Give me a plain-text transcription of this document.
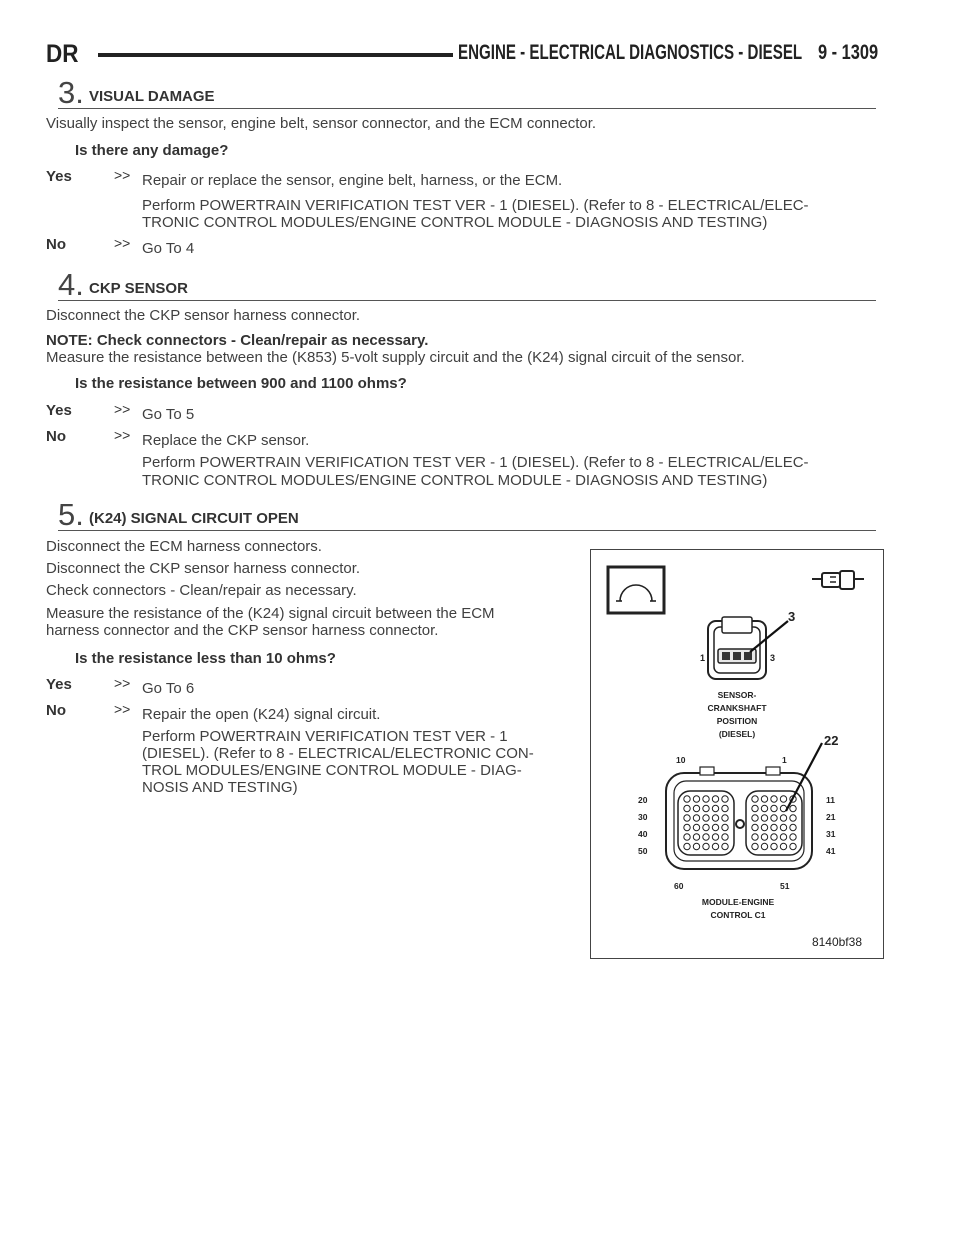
DR	ENGINE - ELECTRICAL DIAGNOSTICS - DIESEL 9 - 1309
3. VISUAL DAMAGE
Visually inspect the sensor, engine belt, sensor connector, and the ECM connector.
Is there any damage?
Yes	>> Repair or replace the sensor, engine belt, harness, or the ECM.
Perform POWERTRAIN VERIFICATION TEST VER - 1 (DIESEL). (Refer to 8 - ELECTRICAL/ELEC-
TRONIC CONTROL MODULES/ENGINE CONTROL MODULE - DIAGNOSIS AND TESTING)
No	>> Go To 4
4. CKP SENSOR
Disconnect the CKP sensor harness connector.
NOTE: Check connectors - Clean/repair as necessary.
Measure the resistance between the (K853) 5-volt supply circuit and the (K24) signal circuit of the sensor.
Is the resistance between 900 and 1100 ohms?
Yes	>> Go To 5
No	>> Replace the CKP sensor.
Perform POWERTRAIN VERIFICATION TEST VER - 1 (DIESEL). (Refer to 8 - ELECTRICAL/ELEC-
TRONIC CONTROL MODULES/ENGINE CONTROL MODULE - DIAGNOSIS AND TESTING)
5. (K24) SIGNAL CIRCUIT OPEN
Disconnect the ECM harness connectors.
Disconnect the CKP sensor harness connector.
Check connectors - Clean/repair as necessary.
Measure the resistance of the (K24) signal circuit between the ECM
harness connector and the CKP sensor harness connector.
Is the resistance less than 10 ohms?
Yes	>> Go To 6
No	>> Repair the open (K24) signal circuit.
Perform POWERTRAIN VERIFICATION TEST VER - 1
(DIESEL). (Refer to 8 - ELECTRICAL/ELECTRONIC CON-
TROL MODULES/ENGINE CONTROL MODULE - DIAG-
NOSIS AND TESTING)
3
1	3
SENSOR-
CRANKSHAFT
POSITION
(DIESEL)	22
10	1
20
30
40
50
11
21
31
41
60	51
MODULE-ENGINE
CONTROL C1
8140bf38
